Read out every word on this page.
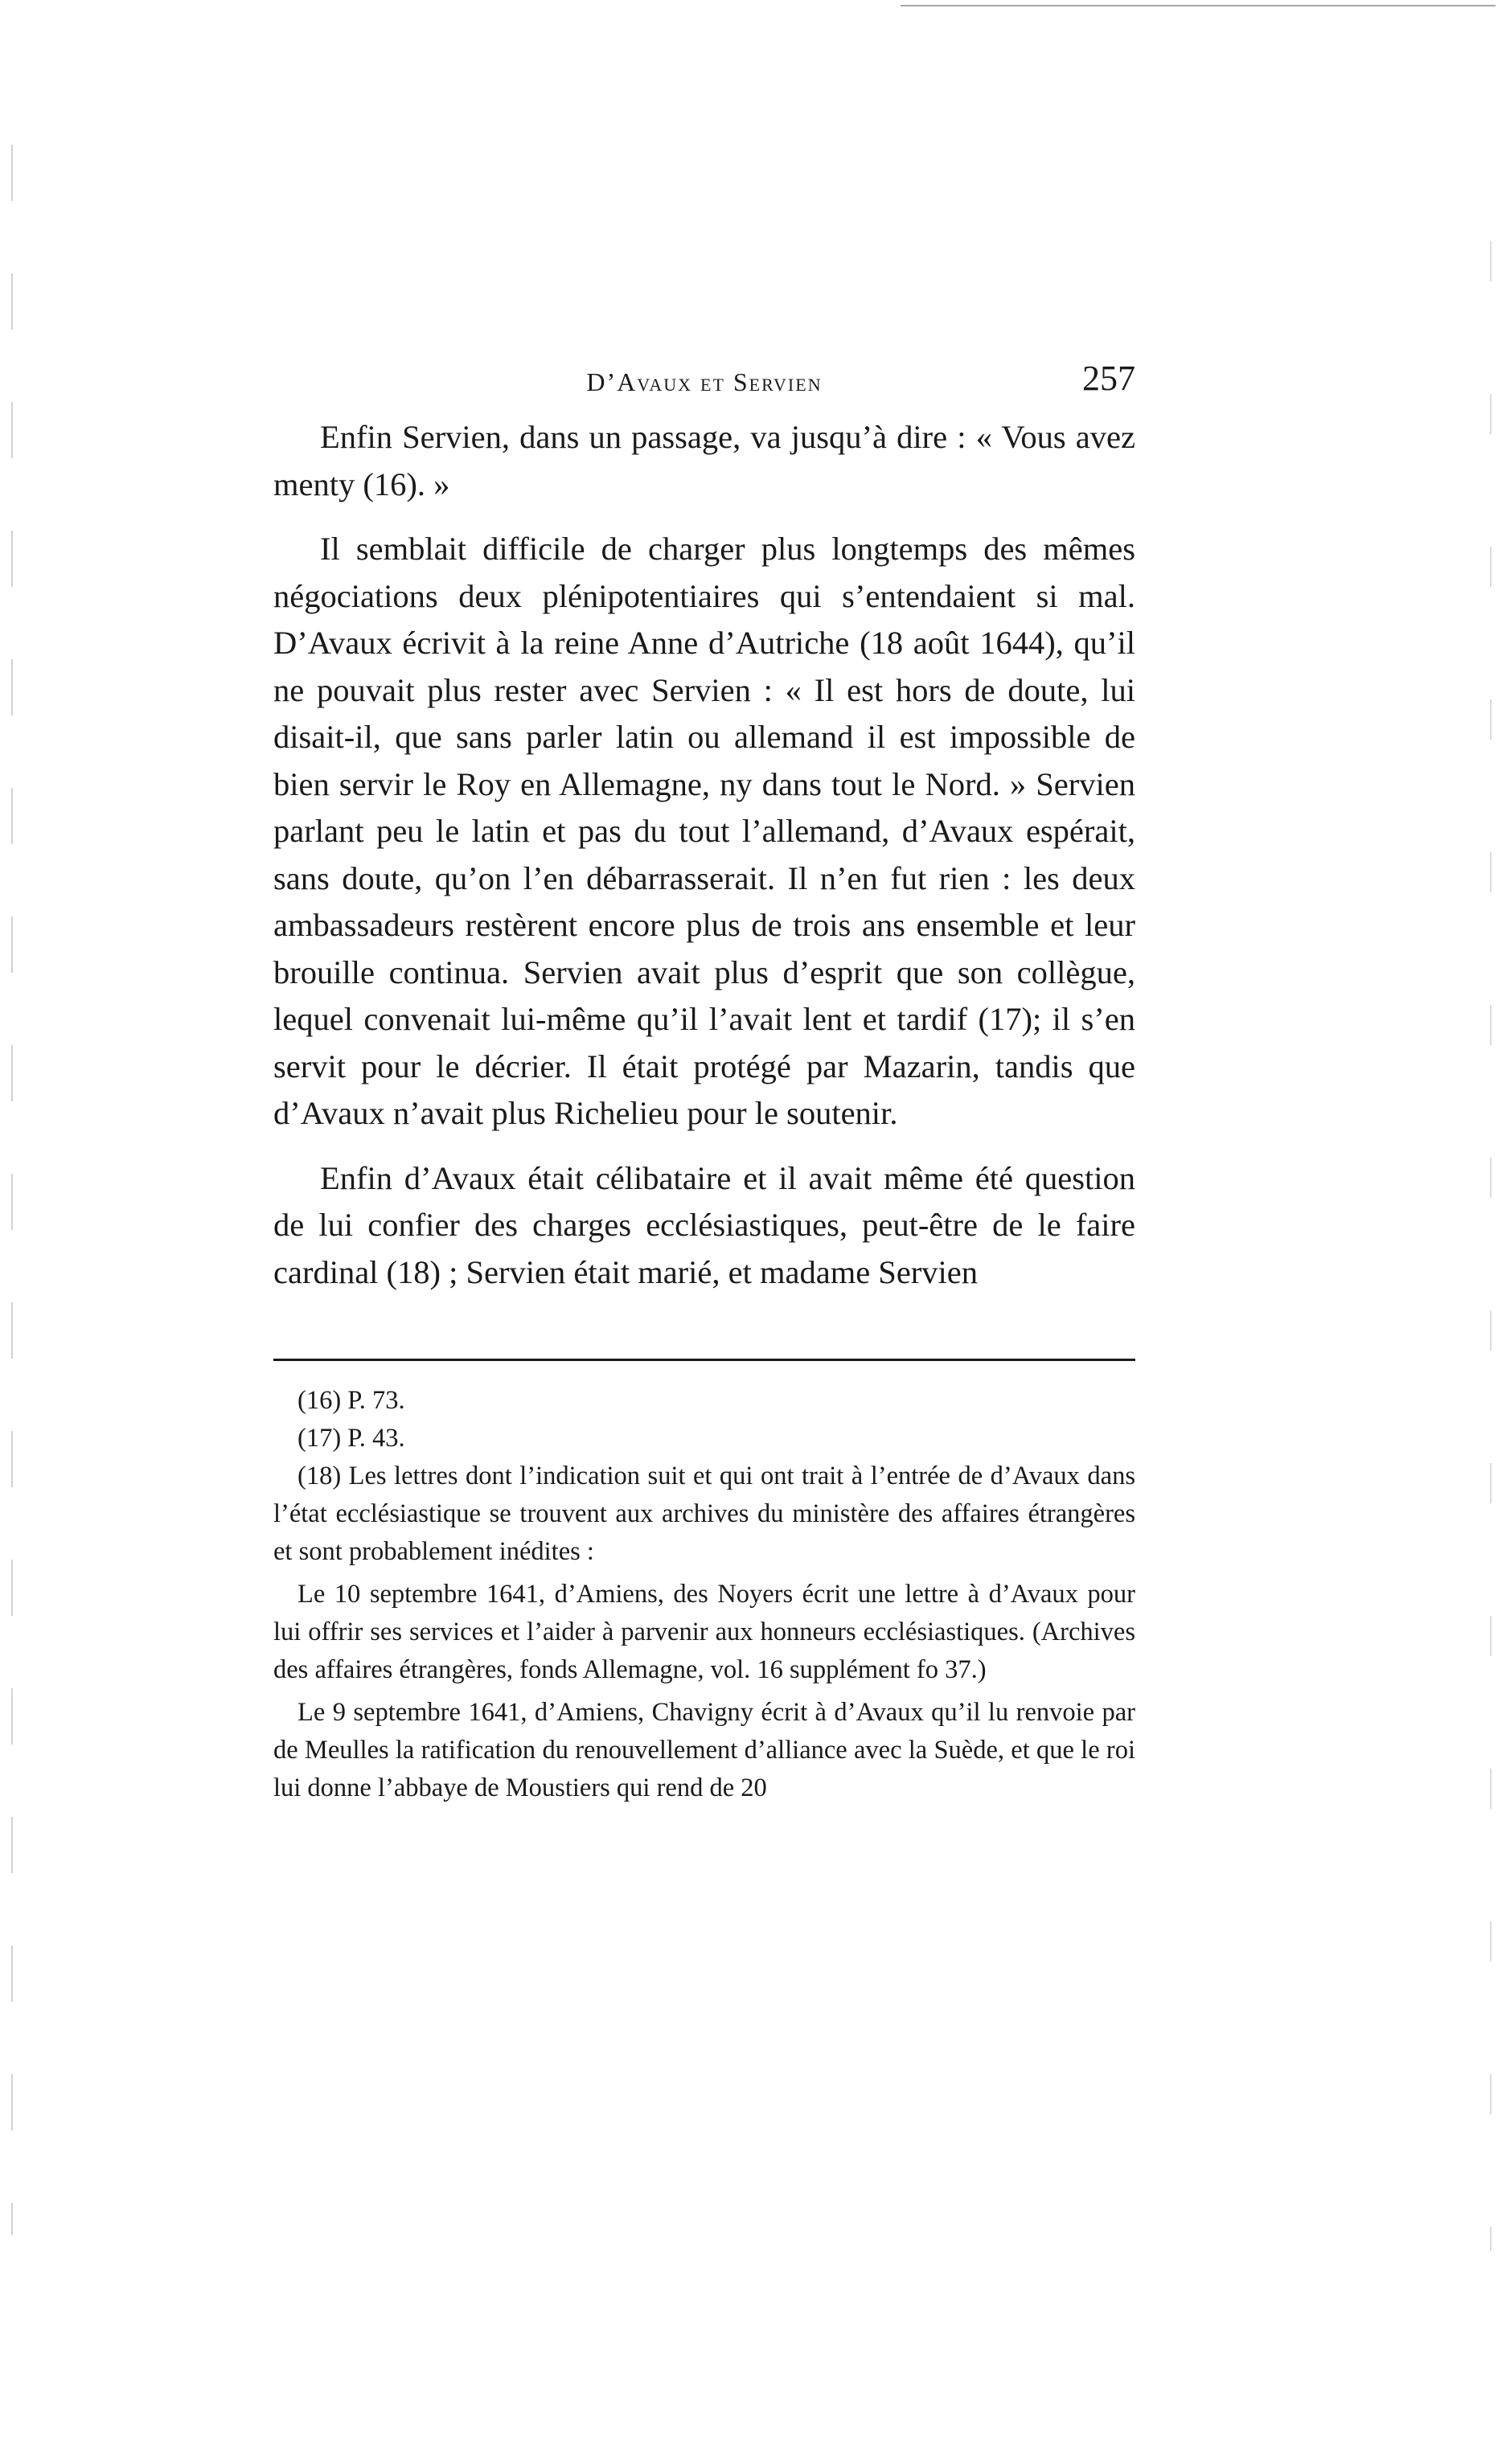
D’Avaux et Servien	257

Enfin Servien, dans un passage, va jusqu’à dire : « Vous avez menty (16). »

Il semblait difficile de charger plus longtemps des mêmes négociations deux plénipotentiaires qui s’entendaient si mal. D’Avaux écrivit à la reine Anne d’Autriche (18 août 1644), qu’il ne pouvait plus rester avec Servien : « Il est hors de doute, lui disait-il, que sans parler latin ou allemand il est impossible de bien servir le Roy en Allemagne, ny dans tout le Nord. » Servien parlant peu le latin et pas du tout l’allemand, d’Avaux espérait, sans doute, qu’on l’en débarrasserait. Il n’en fut rien : les deux ambassadeurs restèrent encore plus de trois ans ensemble et leur brouille continua. Servien avait plus d’esprit que son collègue, lequel convenait lui-même qu’il l’avait lent et tardif (17); il s’en servit pour le décrier. Il était protégé par Mazarin, tandis que d’Avaux n’avait plus Richelieu pour le soutenir.

Enfin d’Avaux était célibataire et il avait même été question de lui confier des charges ecclésiastiques, peut-être de le faire cardinal (18) ; Servien était marié, et madame Servien

(16) P. 73.

(17) P. 43.

(18) Les lettres dont l’indication suit et qui ont trait à l’entrée de d’Avaux dans l’état ecclésiastique se trouvent aux archives du ministère des affaires étrangères et sont probablement inédites :

Le 10 septembre 1641, d’Amiens, des Noyers écrit une lettre à d’Avaux pour lui offrir ses services et l’aider à parvenir aux honneurs ecclésiastiques. (Archives des affaires étrangères, fonds Allemagne, vol. 16 supplément fo 37.)

Le 9 septembre 1641, d’Amiens, Chavigny écrit à d’Avaux qu’il lu renvoie par de Meulles la ratification du renouvellement d’alliance avec la Suède, et que le roi lui donne l’abbaye de Moustiers qui rend de 20
